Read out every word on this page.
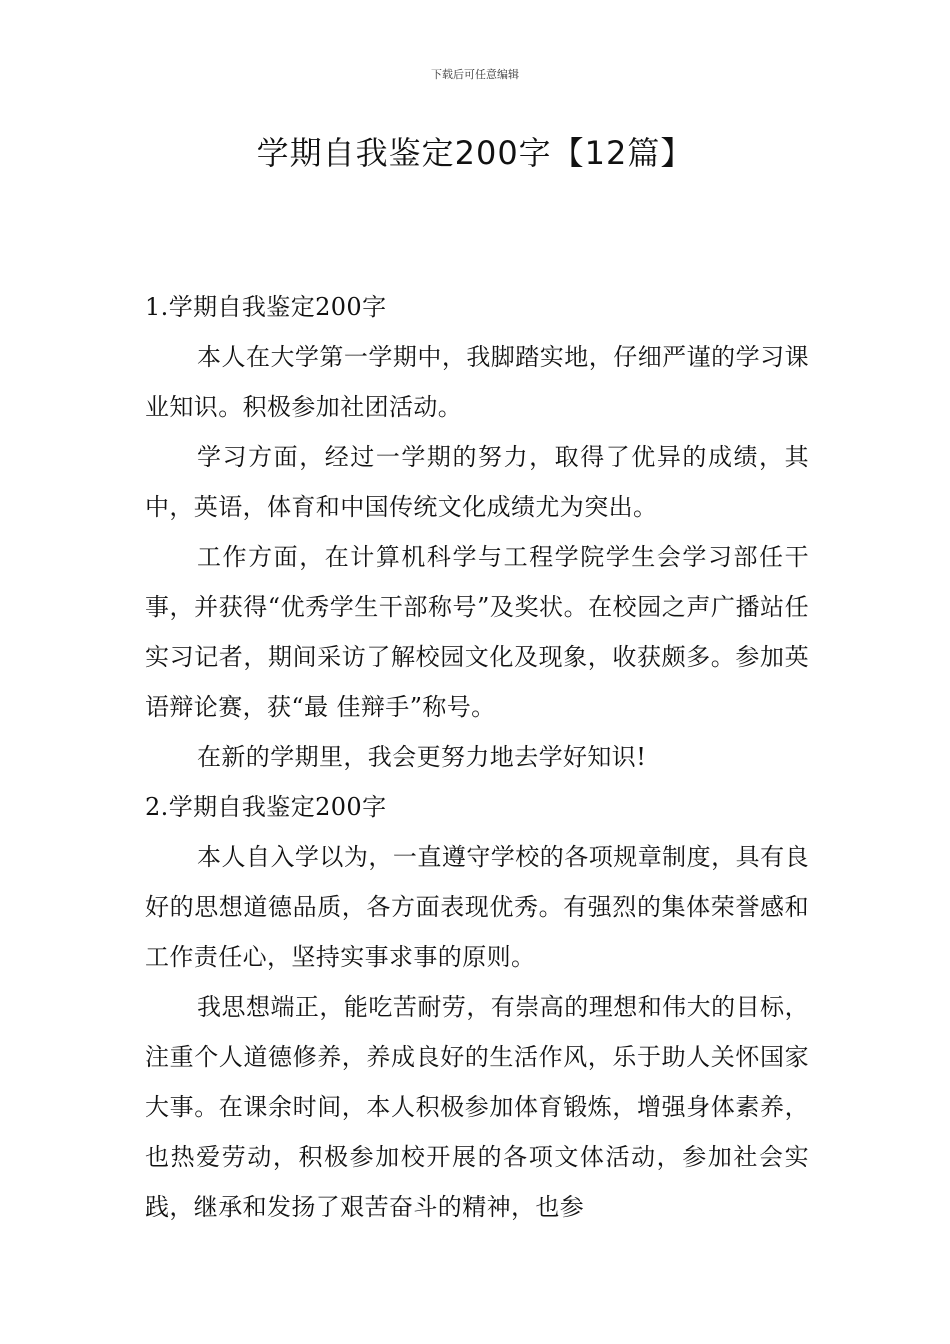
下载后可任意编辑
学期自我鉴定200字【12篇】

1.学期自我鉴定200字

本人在大学第一学期中，我脚踏实地，仔细严谨的学习课业知识。积极参加社团活动。

学习方面，经过一学期的努力，取得了优异的成绩，其中，英语，体育和中国传统文化成绩尤为突出。

工作方面，在计算机科学与工程学院学生会学习部任干事，并获得“优秀学生干部称号”及奖状。在校园之声广播站任实习记者，期间采访了解校园文化及现象，收获颇多。参加英语辩论赛，获“最 佳辩手”称号。

在新的学期里，我会更努力地去学好知识!

2.学期自我鉴定200字

本人自入学以为，一直遵守学校的各项规章制度，具有良好的思想道德品质，各方面表现优秀。有强烈的集体荣誉感和工作责任心，坚持实事求事的原则。

我思想端正，能吃苦耐劳，有崇高的理想和伟大的目标，注重个人道德修养，养成良好的生活作风，乐于助人关怀国家大事。在课余时间，本人积极参加体育锻炼，增强身体素养，也热爱劳动，积极参加校开展的各项文体活动，参加社会实践，继承和发扬了艰苦奋斗的精神，也参
